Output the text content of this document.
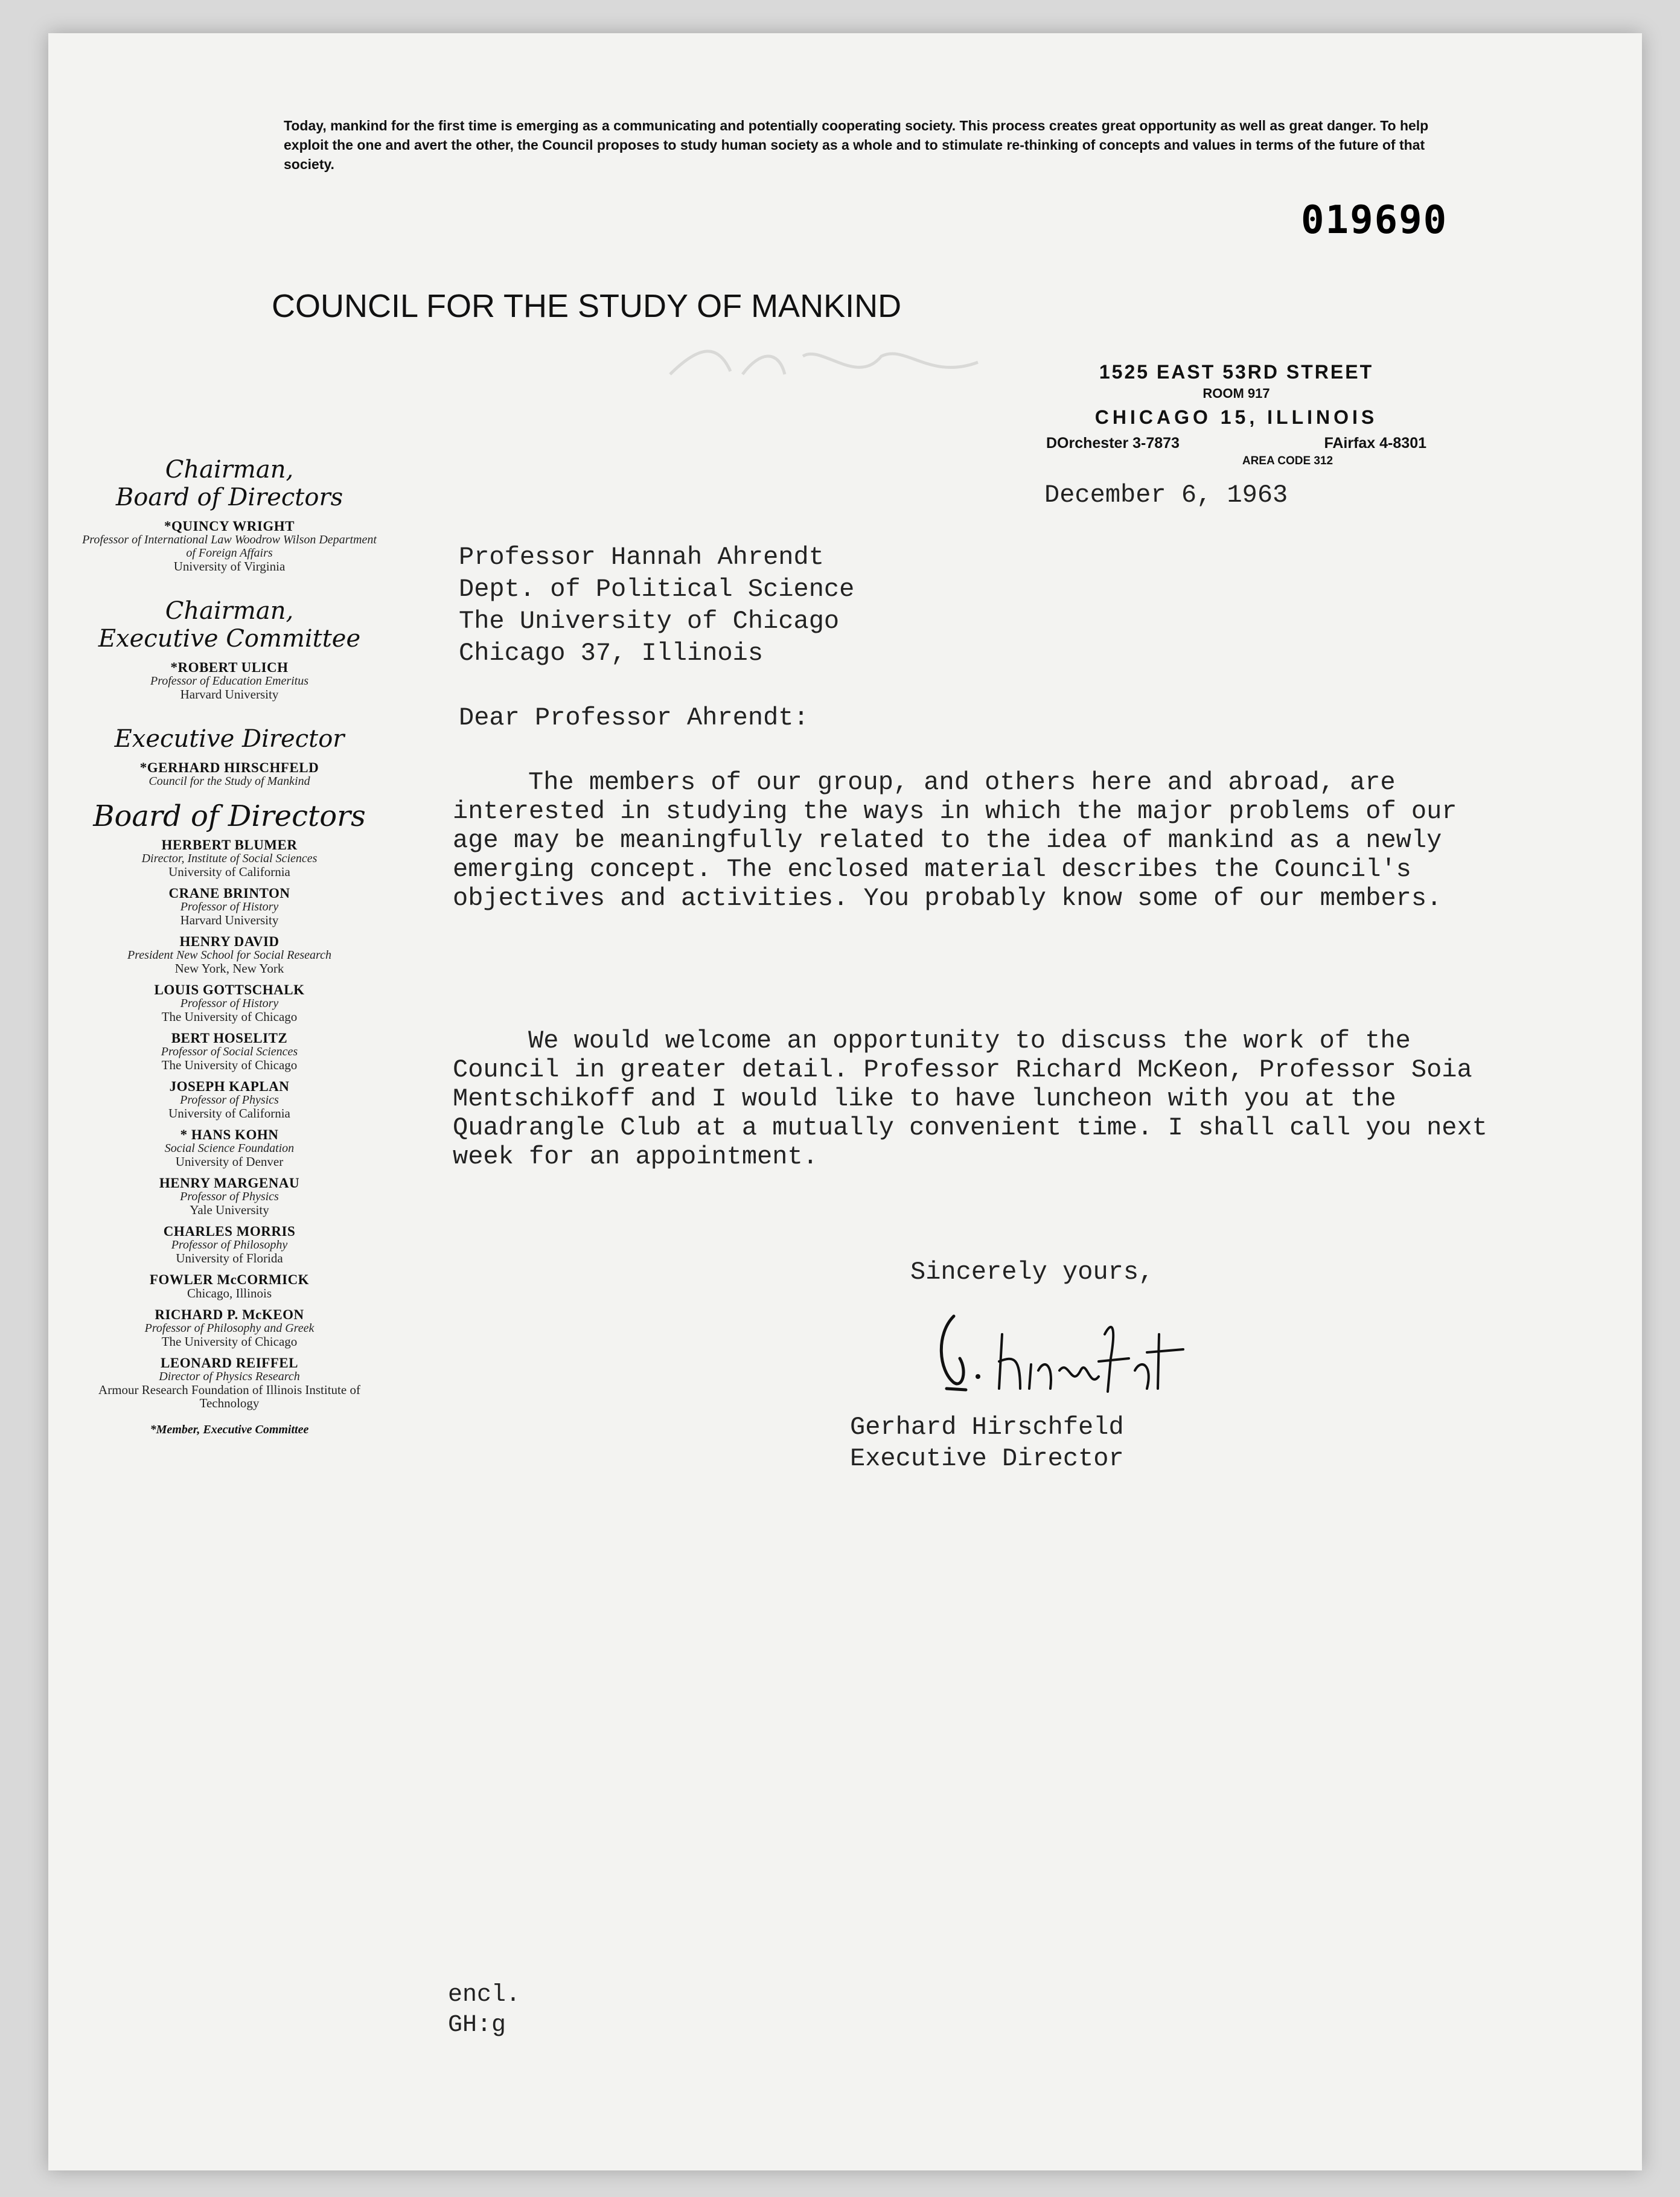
Today, mankind for the first time is emerging as a communicating and potentially cooperating society. This process creates great opportunity as well as great danger. To help exploit the one and avert the other, the Council proposes to study human society as a whole and to stimulate re-thinking of concepts and values in terms of the future of that society.
019690
COUNCIL FOR THE STUDY OF MANKIND
1525 EAST 53RD STREET
ROOM 917
CHICAGO 15, ILLINOIS
DOrchester 3-7873	FAirfax 4-8301
AREA CODE 312
December 6, 1963
Professor Hannah Ahrendt
Dept. of Political Science
The University of Chicago
Chicago 37, Illinois
Dear Professor Ahrendt:
The members of our group, and others here and abroad, are interested in studying the ways in which the major problems of our age may be meaningfully related to the idea of mankind as a newly emerging concept. The enclosed material describes the Council's objectives and activities. You probably know some of our members.
We would welcome an opportunity to discuss the work of the Council in greater detail. Professor Richard McKeon, Professor Soia Mentschikoff and I would like to have luncheon with you at the Quadrangle Club at a mutually convenient time. I shall call you next week for an appointment.
Sincerely yours,
Gerhard Hirschfeld
Executive Director
encl.
GH:g
Chairman,
Board of Directors
*QUINCY WRIGHT
Professor of International Law Woodrow Wilson Department of Foreign Affairs
University of Virginia
Chairman,
Executive Committee
*ROBERT ULICH
Professor of Education Emeritus
Harvard University
Executive Director
*GERHARD HIRSCHFELD
Council for the Study of Mankind
Board of Directors
HERBERT BLUMER
Director, Institute of Social Sciences
University of California
CRANE BRINTON
Professor of History
Harvard University
HENRY DAVID
President New School for Social Research
New York, New York
LOUIS GOTTSCHALK
Professor of History
The University of Chicago
BERT HOSELITZ
Professor of Social Sciences
The University of Chicago
JOSEPH KAPLAN
Professor of Physics
University of California
* HANS KOHN
Social Science Foundation
University of Denver
HENRY MARGENAU
Professor of Physics
Yale University
CHARLES MORRIS
Professor of Philosophy
University of Florida
FOWLER McCORMICK
Chicago, Illinois
RICHARD P. McKEON
Professor of Philosophy and Greek
The University of Chicago
LEONARD REIFFEL
Director of Physics Research
Armour Research Foundation of Illinois Institute of Technology
*Member, Executive Committee
